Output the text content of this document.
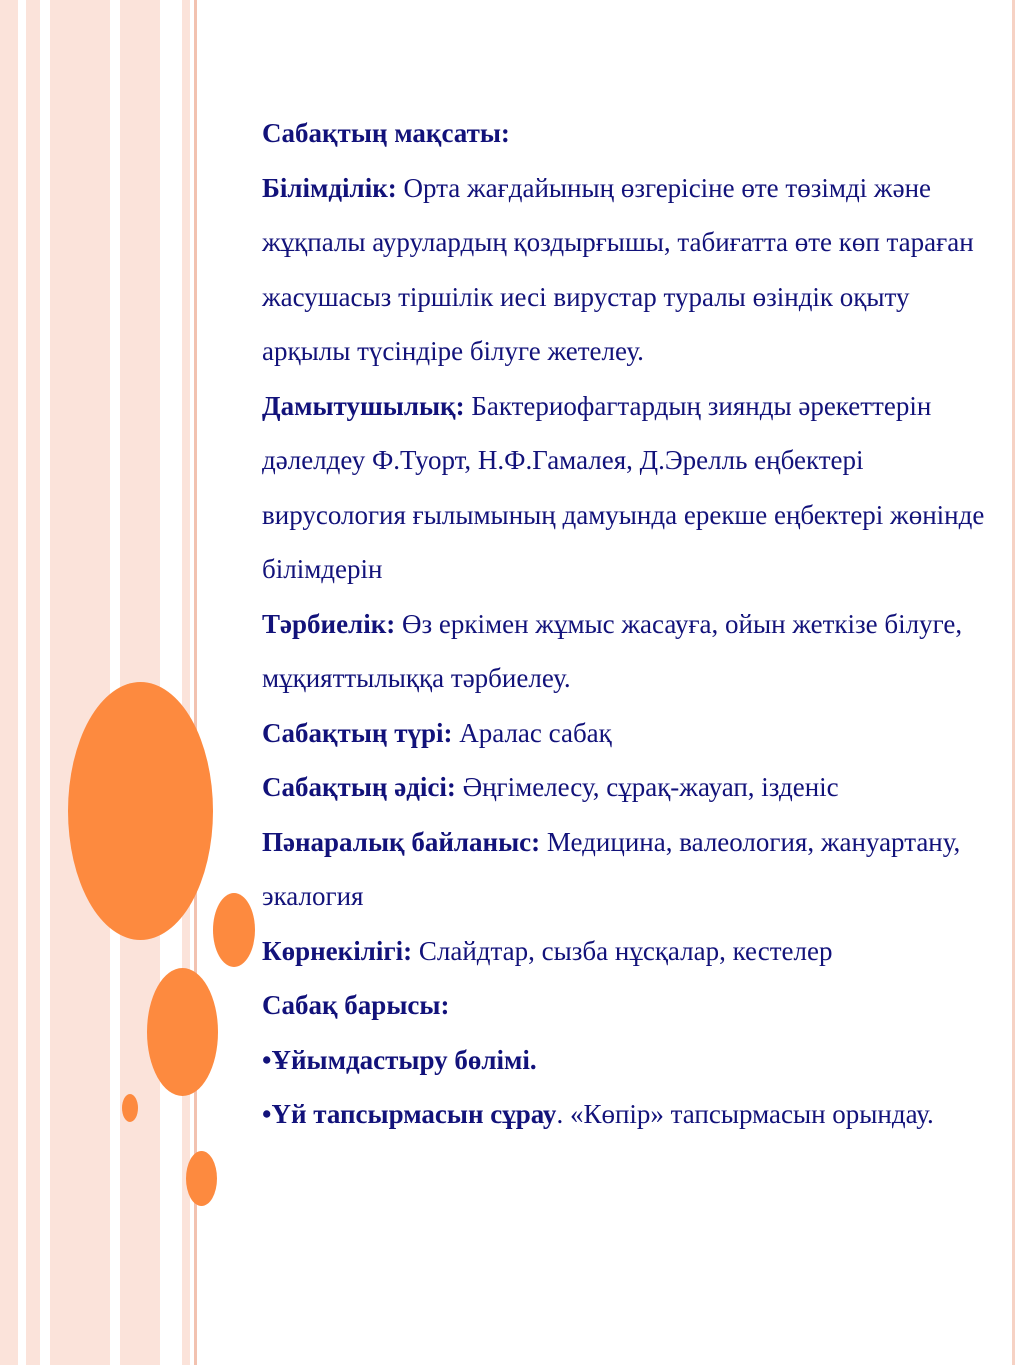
Сабақтың мақсаты:

Білімділік: Орта жағдайының өзгерісіне өте төзімді және жұқпалы аурулардың қоздырғышы, табиғатта өте көп тараған жасушасыз тіршілік иесі вирустар туралы өзіндік оқыту арқылы түсіндіре білуге жетелеу.

Дамытушылық: Бактериофагтардың зиянды әрекеттерін дәлелдеу Ф.Туорт, Н.Ф.Гамалея, Д.Эрелль еңбектері вирусология ғылымының дамуында ерекше еңбектері жөнінде білімдерін

Тәрбиелік: Өз еркімен жұмыс жасауға, ойын жеткізе білуге, мұқияттылыққа тәрбиелеу.

Сабақтың түрі: Аралас сабақ

Сабақтың әдісі: Әңгімелесу, сұрақ-жауап, ізденіс

Пәнаралық байланыс: Медицина, валеология, жануартану, экалогия

Көрнекілігі: Слайдтар, сызба нұсқалар, кестелер

Сабақ барысы:

•Ұйымдастыру бөлімі.

•Үй тапсырмасын сұрау. «Көпір» тапсырмасын орындау.
